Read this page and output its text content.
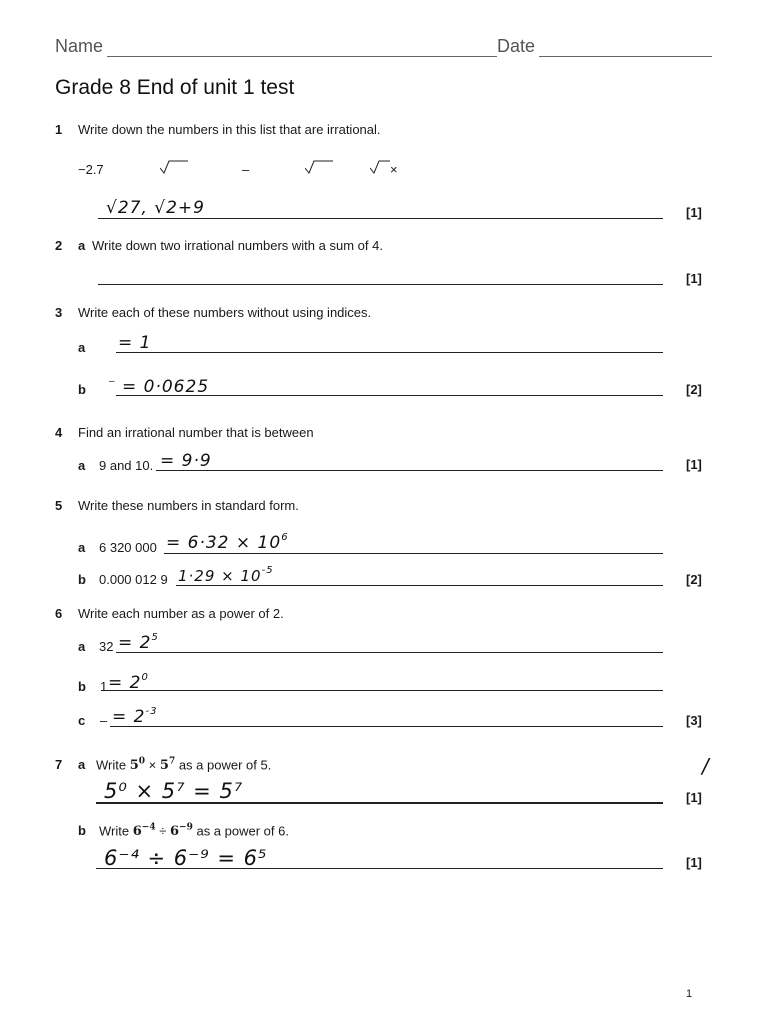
Name	Date
Grade 8 End of unit 1 test
1 Write down the numbers in this list that are irrational.
−2.7	–	×
√27, √2+9	[1]
2 a Write down two irrational numbers with a sum of 4.
[1]
3 Write each of these numbers without using indices.
a = 1
b
– = 0·0625	[2]
4 Find an irrational number that is between
a 9 and 10. = 9·9	[1]
5 Write these numbers in standard form.
a 6 320 $000 = 6\cdot 32 \times 10^6$
b 0.000 012 9 $1\cdot 29 \times 10^{-5}$
[2]
6 Write each number as a power of 2.
a $32 = 2^5$
b $1 = 2^0$
c – = $2^{-3}$
[3]
7 a Write $5^0 \times 5^7$ as a power of 5.	/
5⁰ × 5⁷ = 5⁷	[1]
b Write $6^{-4} \div 6^{-9}$ as a power of 6.
6⁻⁴ ÷ 6⁻⁹ = 6⁵	[1]
1
